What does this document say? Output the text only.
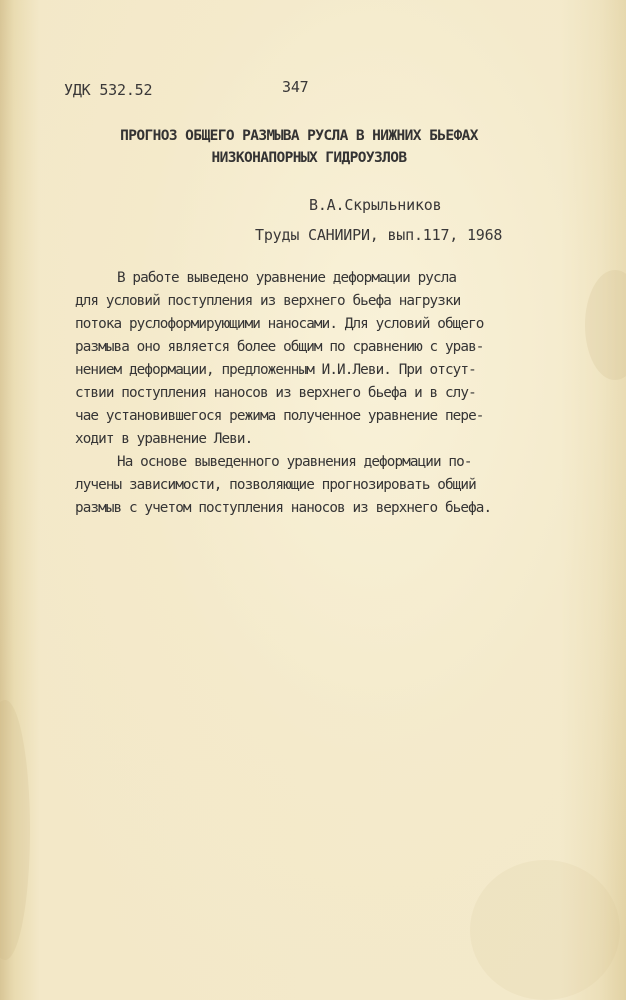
УДК 532.52	347

ПРОГНОЗ ОБЩЕГО РАЗМЫВА РУСЛА В НИЖНИХ БЬЕФАХ

НИЗКОНАПОРНЫХ ГИДРОУЗЛОВ

В.А.Скрыльников

Труды САНИИРИ, вып.117, 1968

В работе выведено уравнение деформации русла

для условий поступления из верхнего бьефа нагрузки

потока руслоформирующими наносами. Для условий общего

размыва оно является более общим по сравнению с урав-

нением деформации, предложенным И.И.Леви. При отсут-

ствии поступления наносов из верхнего бьефа и в слу-

чае установившегося режима полученное уравнение пере-

ходит в уравнение Леви.

На основе выведенного уравнения деформации по-

лучены зависимости, позволяющие прогнозировать общий

размыв с учетом поступления наносов из верхнего бьефа.
